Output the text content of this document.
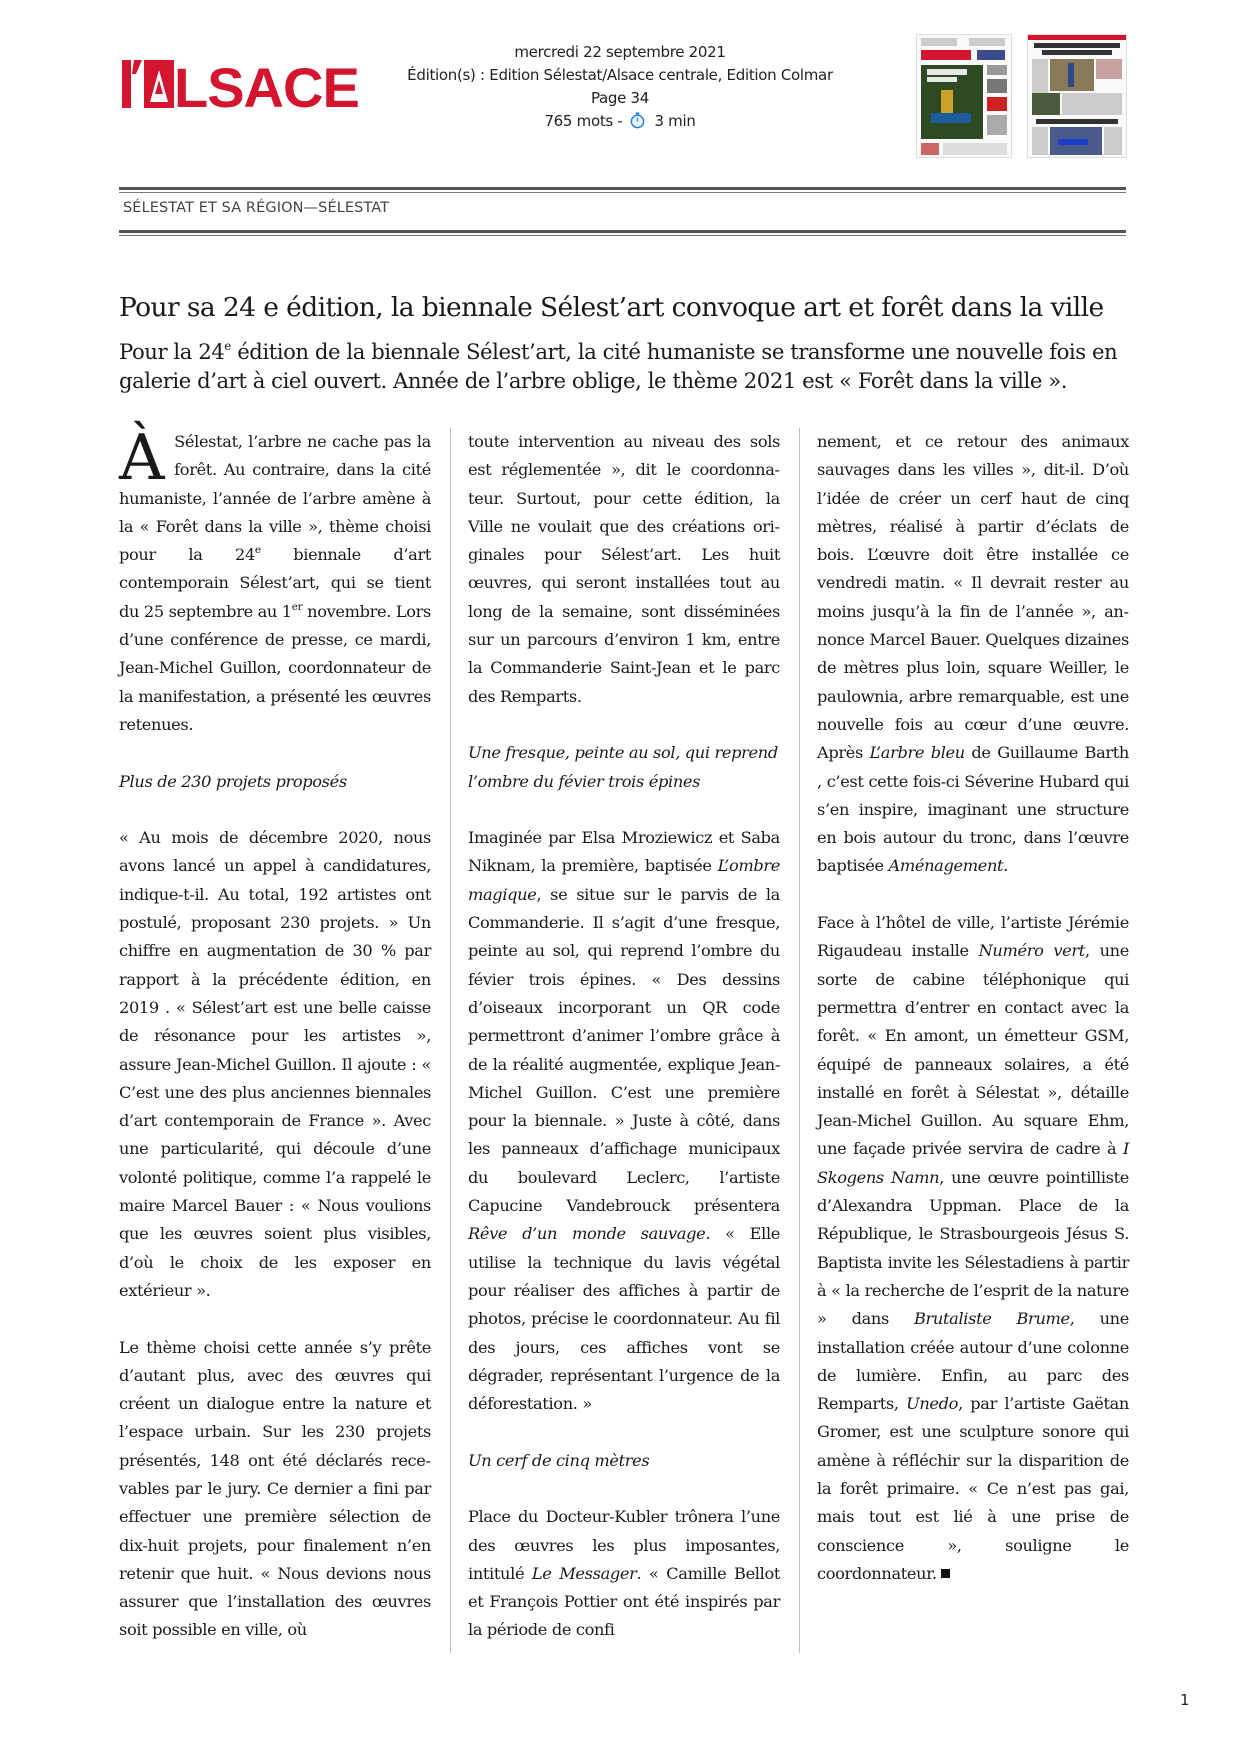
LSACE
mercredi 22 septembre 2021
Édition(s) : Edition Sélestat/Alsace centrale, Edition Colmar
Page 34
765 mots - 3 min
SÉLESTAT ET SA RÉGION—SÉLESTAT
Pour sa 24 e édition, la biennale Sélest’art convoque art et forêt dans la ville
Pour la 24e édition de la biennale Sélest’art, la cité humaniste se transforme une nouvelle fois en galerie d’art à ciel ouvert. Année de l’arbre oblige, le thème 2021 est « Forêt dans la ville ».

À Sélestat, l’arbre ne cache pas la forêt. Au contraire, dans la cité humaniste, l’année de l’arbre amène à la « Forêt dans la ville », thème choisi pour la 24e biennale d’art contemporain Sélest’art, qui se tient du 25 septembre au 1er novembre. Lors d’une conférence de presse, ce mardi, Jean-Michel Guillon, coordonnateur de la manifestation, a présenté les œuvres retenues.

Plus de 230 projets proposés

« Au mois de décembre 2020, nous avons lancé un appel à candidatures, indique-t-il. Au total, 192 artistes ont postulé, proposant 230 projets. » Un chiffre en augmentation de 30 % par rapport à la précédente édition, en 2019 . « Sélest’art est une belle caisse de résonance pour les artistes », assure Jean-Michel Guillon. Il ajoute : « C’est une des plus anciennes biennales d’art contemporain de France ». Avec une particularité, qui découle d’une volonté politique, comme l’a rappelé le maire Marcel Bauer : « Nous voulions que les œuvres soient plus visibles, d’où le choix de les exposer en extérieur ».

Le thème choisi cette année s’y prête d’autant plus, avec des œuvres qui créent un dialogue entre la nature et l’espace urbain. Sur les 230 projets présentés, 148 ont été déclarés recevables par le jury. Ce dernier a fini par effectuer une première sélection de dix-huit projets, pour finalement n’en retenir que huit. « Nous devions nous assurer que l’installation des œuvres soit possible en ville, où

toute intervention au niveau des sols est réglementée », dit le coordonnateur. Surtout, pour cette édition, la Ville ne voulait que des créations originales pour Sélest’art. Les huit œuvres, qui seront installées tout au long de la semaine, sont disséminées sur un parcours d’environ 1 km, entre la Commanderie Saint-Jean et le parc des Remparts.

Une fresque, peinte au sol, qui reprend l’ombre du févier trois épines

Imaginée par Elsa Mroziewicz et Saba Niknam, la première, baptisée L’ombre magique, se situe sur le parvis de la Commanderie. Il s’agit d’une fresque, peinte au sol, qui reprend l’ombre du févier trois épines. « Des dessins d’oiseaux incorporant un QR code permettront d’animer l’ombre grâce à de la réalité augmentée, explique Jean-Michel Guillon. C’est une première pour la biennale. » Juste à côté, dans les panneaux d’affichage municipaux du boulevard Leclerc, l’artiste Capucine Vandebrouck présentera Rêve d’un monde sauvage. « Elle utilise la technique du lavis végétal pour réaliser des affiches à partir de photos, précise le coordonnateur. Au fil des jours, ces affiches vont se dégrader, représentant l’urgence de la déforestation. »

Un cerf de cinq mètres

Place du Docteur-Kubler trônera l’une des œuvres les plus imposantes, intitulé Le Messager. « Camille Bellot et François Pottier ont été inspirés par la période de confi

nement, et ce retour des animaux sauvages dans les villes », dit-il. D’où l’idée de créer un cerf haut de cinq mètres, réalisé à partir d’éclats de bois. L’œuvre doit être installée ce vendredi matin. « Il devrait rester au moins jusqu’à la fin de l’année », annonce Marcel Bauer. Quelques dizaines de mètres plus loin, square Weiller, le paulownia, arbre remarquable, est une nouvelle fois au cœur d’une œuvre. Après L’arbre bleu de Guillaume Barth , c’est cette fois-ci Séverine Hubard qui s’en inspire, imaginant une structure en bois autour du tronc, dans l’œuvre baptisée Aménagement.

Face à l’hôtel de ville, l’artiste Jérémie Rigaudeau installe Numéro vert, une sorte de cabine téléphonique qui permettra d’entrer en contact avec la forêt. « En amont, un émetteur GSM, équipé de panneaux solaires, a été installé en forêt à Sélestat », détaille Jean-Michel Guillon. Au square Ehm, une façade privée servira de cadre à I Skogens Namn, une œuvre pointilliste d’Alexandra Uppman. Place de la République, le Strasbourgeois Jésus S. Baptista invite les Sélestadiens à partir à « la recherche de l’esprit de la nature » dans Brutaliste Brume, une installation créée autour d’une colonne de lumière. Enfin, au parc des Remparts, Unedo, par l’artiste Gaëtan Gromer, est une sculpture sonore qui amène à réfléchir sur la disparition de la forêt primaire. « Ce n’est pas gai, mais tout est lié à une prise de conscience », souligne le coordonnateur.

1
